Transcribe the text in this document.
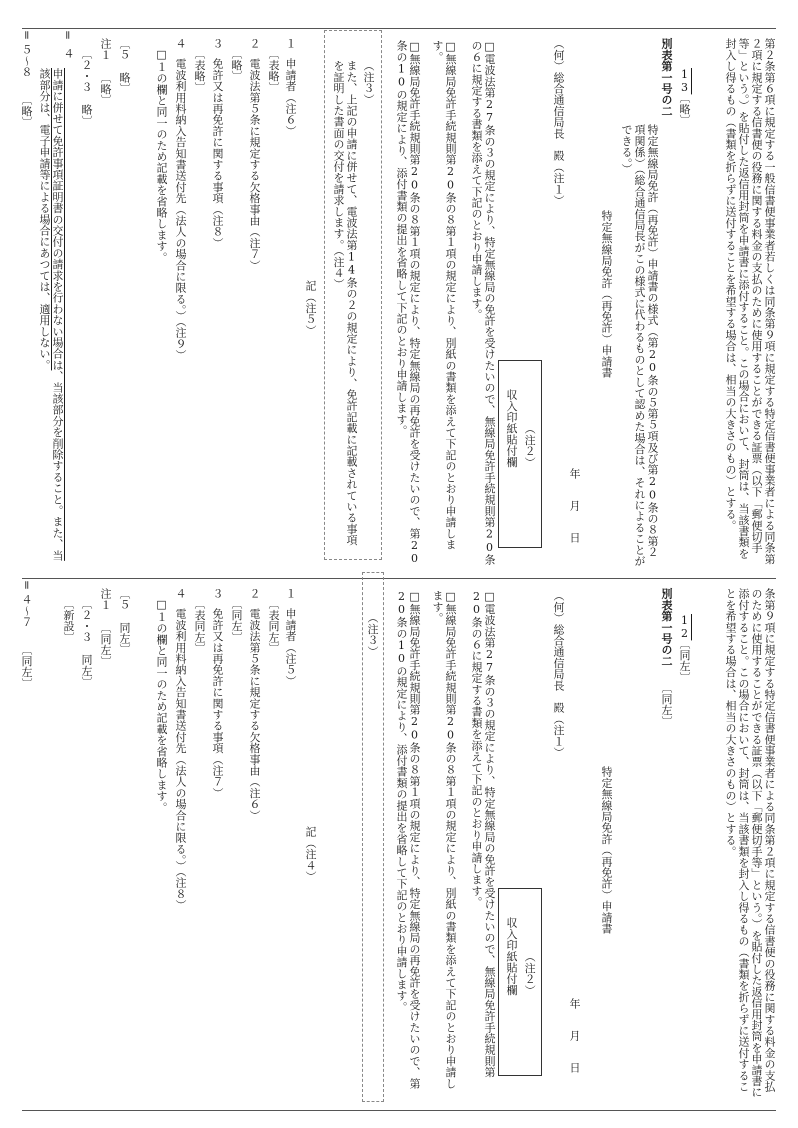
第２条第６項に規定する一般信書便事業者若しくは同条第９項に規定する特定信書便事業者による同条第２項に規定する信書便の役務に関する料金の支払のために使用することができる証票（以下「郵便切手等」という。）を貼付した返信用封筒を申請書に添付すること。この場合において、封筒は、当該書類を封入し得るもの（書類を折らずに送付することを希望する場合は、相当の大きさのもの）とする。
13
〔略〕
別表第一号の二
特定無線局免許（再免許）申請書の様式（第20条の５第５項及び第20条の８第２項関係）（総合通信局長がこの様式に代わるものとして認めた場合は、それによることができる。）
特定無線局免許（再免許）申請書
収入印紙貼付欄 （注２）
年　月　日
（何）総合通信局長　殿（注１）
□電波法第27条の３の規定により、特定無線局の免許を受けたいので、無線局免許手続規則第20条の６に規定する書類を添えて下記のとおり申請します。
□無線局免許手続規則第20条の８第１項の規定により、別紙の書類を添えて下記のとおり申請します。
□無線局免許手続規則第20条の８第１項の規定により、特定無線局の再免許を受けたいので、第20条の10の規定により、添付書類の提出を省略して下記のとおり申請します。
（注３）
また、上記の申請に併せて、電波法第14条の２の規定により、免許記載に記載されている事項を証明した書面の交付を請求します。（注４）
記（注５）
１
申請者（注６）
〔表略〕
２
電波法第５条に規定する欠格事由（注７）
〔略〕
３
免許又は再免許に関する事項（注８）
〔表略〕
４
電波利用料納入告知書送付先（法人の場合に限る。）（注９）
□１の欄と同一のため記載を省略します。
〔５　略〕
注１
〔略〕
〔２・３　略〕
＝
４
申請に併せて免許事項証明書の交付の請求を行わない場合は、当該部分を削除すること。また、当該部分は、電子申請等による場合にあつては、適用しない。
＝
５〜８
〔略〕
条第９項に規定する特定信書便事業者による同条第２項に規定する信書便の役務に関する料金の支払のために使用することができる証票（以下「郵便切手等」という。）を貼付した返信用封筒を申請書に添付すること。この場合において、封筒は、当該書類を封入し得るもの（書類を折らずに送付することを希望する場合は、相当の大きさのもの）とする。
12
〔同左〕
別表第一号の二
〔同左〕
特定無線局免許（再免許）申請書
収入印紙貼付欄 （注２）
年　月　日
（何）総合通信局長　殿（注１）
□電波法第27条の３の規定により、特定無線局の免許を受けたいので、無線局免許手続規則第20条の６に規定する書類を添えて下記のとおり申請します。
□無線局免許手続規則第20条の８第１項の規定により、別紙の書類を添えて下記のとおり申請します。
□無線局免許手続規則第20条の８第１項の規定により、特定無線局の再免許を受けたいので、第20条の10の規定により、添付書類の提出を省略して下記のとおり申請します。
（注３）
記（注４）
１
申請者（注５）
〔表同左〕
２
電波法第５条に規定する欠格事由（注６）
〔同左〕
３
免許又は再免許に関する事項（注７）
〔表同左〕
４
電波利用料納入告知書送付先（法人の場合に限る。）（注８）
□１の欄と同一のため記載を省略します。
〔５　同左〕
注１
〔同左〕
〔２・３　同左〕
〔新設〕
＝
４〜７
〔同左〕
